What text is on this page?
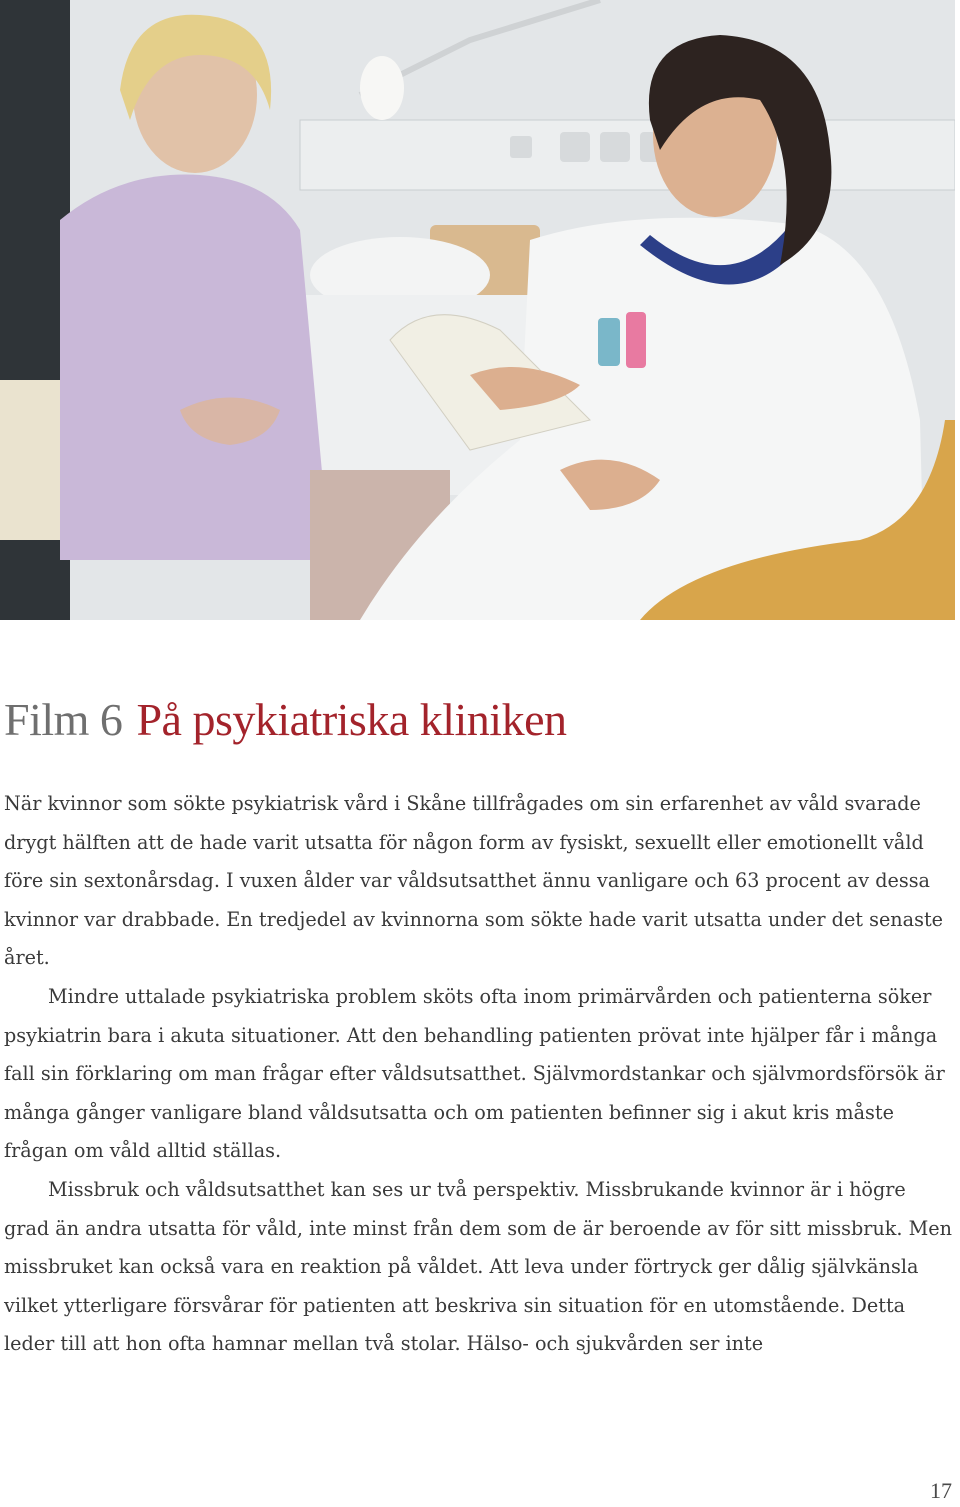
Film 6 På psykiatriska kliniken

När kvinnor som sökte psykiatrisk vård i Skåne tillfrågades om sin erfarenhet av våld svarade drygt hälften att de hade varit utsatta för någon form av fysiskt, sexuellt eller emotionellt våld före sin sextonårsdag. I vuxen ålder var våldsutsatthet ännu vanligare och 63 procent av dessa kvinnor var drabbade. En tredjedel av kvinnorna som sökte hade varit utsatta under det senaste året.

Mindre uttalade psykiatriska problem sköts ofta inom primärvården och patienterna söker psykiatrin bara i akuta situationer. Att den behandling patienten prövat inte hjälper får i många fall sin förklaring om man frågar efter våldsutsatthet. Självmordstankar och självmordsförsök är många gånger vanligare bland våldsutsatta och om patienten befinner sig i akut kris måste frågan om våld alltid ställas.

Missbruk och våldsutsatthet kan ses ur två perspektiv. Missbrukande kvinnor är i högre grad än andra utsatta för våld, inte minst från dem som de är beroende av för sitt missbruk. Men missbruket kan också vara en reaktion på våldet. Att leva under förtryck ger dålig självkänsla vilket ytterligare försvårar för patienten att beskriva sin situation för en utomstående. Detta leder till att hon ofta hamnar mellan två stolar. Hälso- och sjukvården ser inte

17
